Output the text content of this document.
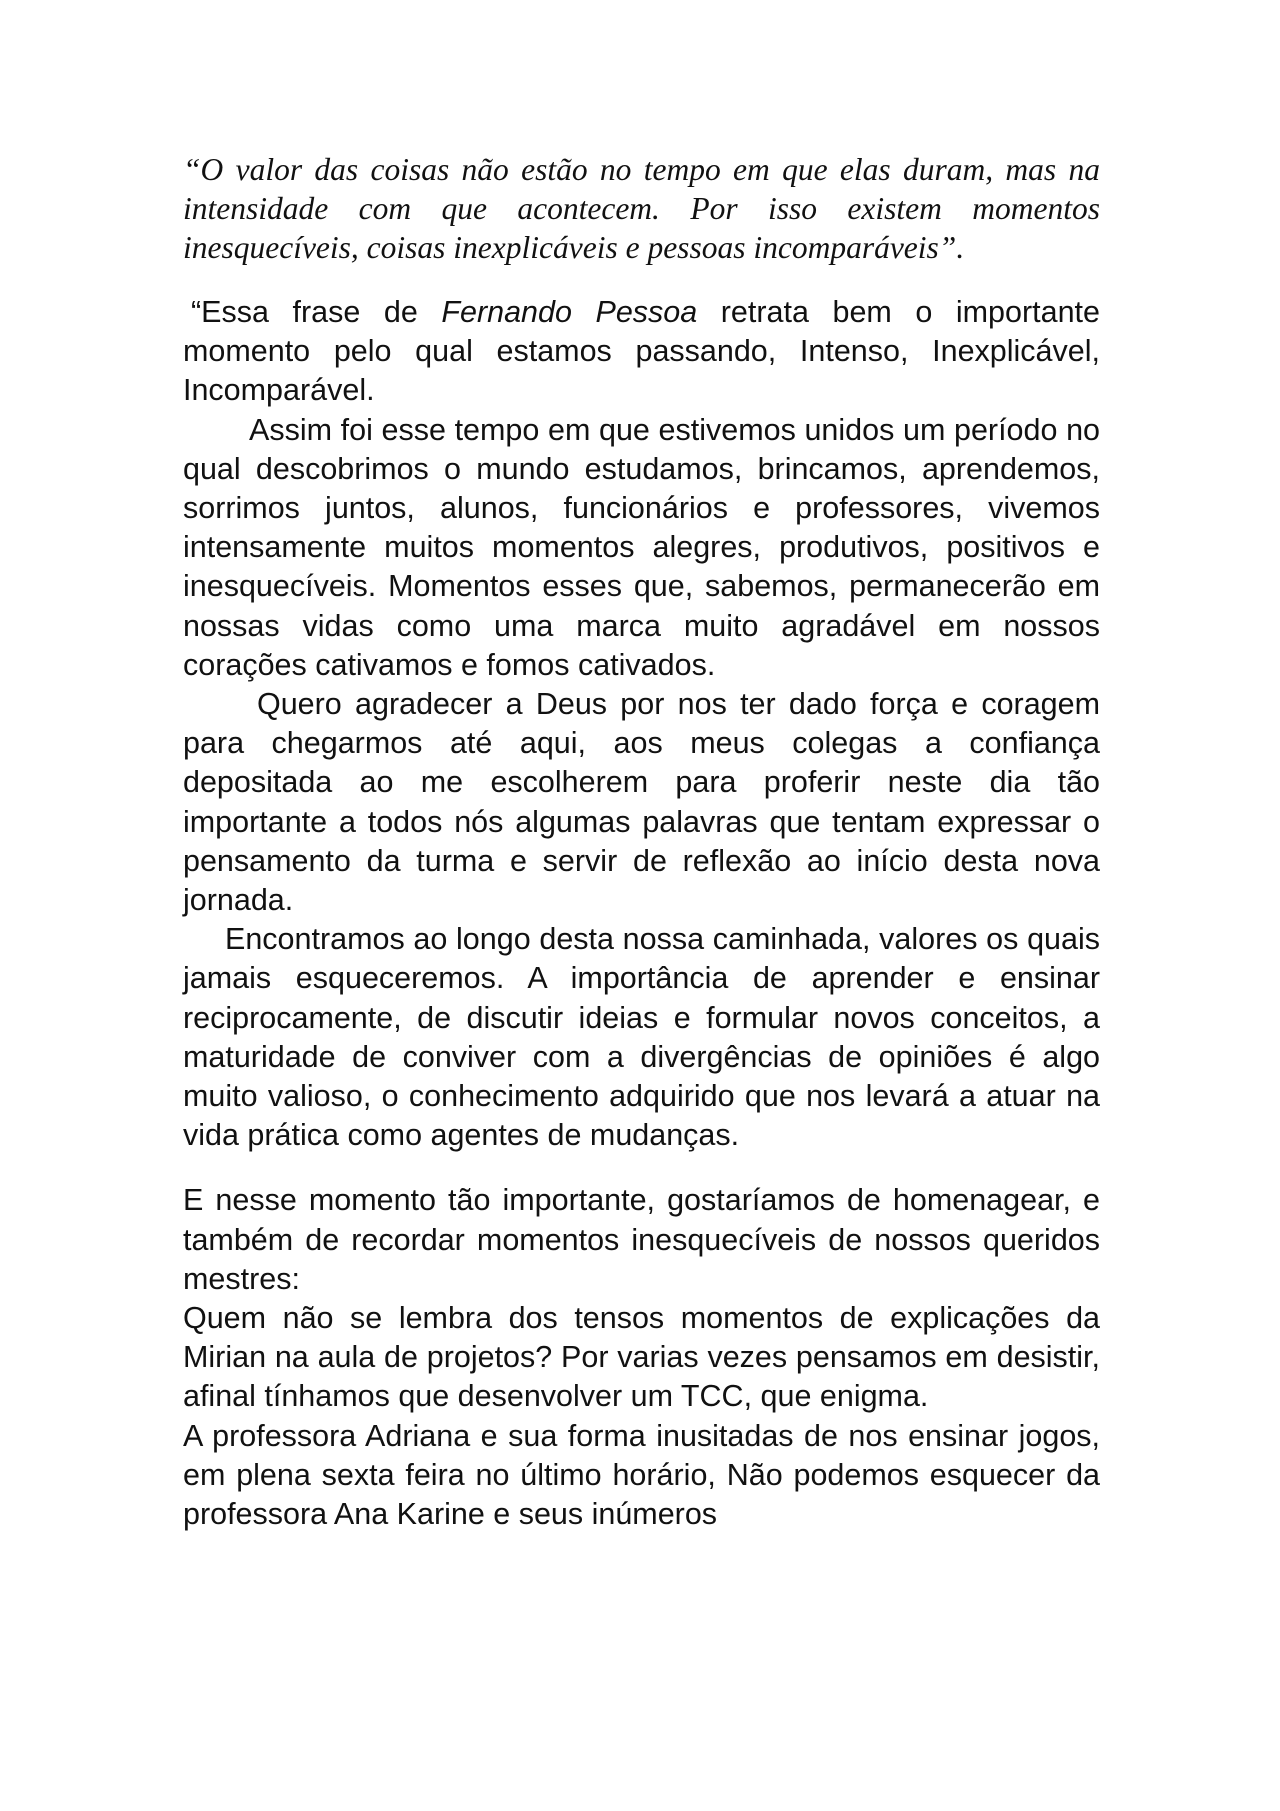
“O valor das coisas não estão no tempo em que elas duram, mas na intensidade com que acontecem. Por isso existem momentos inesquecíveis, coisas inexplicáveis e pessoas incomparáveis”.

“Essa frase de Fernando Pessoa retrata bem o importante momento pelo qual estamos passando, Intenso, Inexplicável, Incomparável.

Assim foi esse tempo em que estivemos unidos um período no qual descobrimos o mundo estudamos, brincamos, aprendemos, sorrimos juntos, alunos, funcionários e professores, vivemos intensamente muitos momentos alegres, produtivos, positivos e inesquecíveis. Momentos esses que, sabemos, permanecerão em nossas vidas como uma marca muito agradável em nossos corações cativamos e fomos cativados.

Quero agradecer a Deus por nos ter dado força e coragem para chegarmos até aqui, aos meus colegas a confiança depositada ao me escolherem para proferir neste dia tão importante a todos nós algumas palavras que tentam expressar o pensamento da turma e servir de reflexão ao início desta nova jornada.

Encontramos ao longo desta nossa caminhada, valores os quais jamais esqueceremos. A importância de aprender e ensinar reciprocamente, de discutir ideias e formular novos conceitos, a maturidade de conviver com a divergências de opiniões é algo muito valioso, o conhecimento adquirido que nos levará a atuar na vida prática como agentes de mudanças.

E nesse momento tão importante, gostaríamos de homenagear, e também de recordar momentos inesquecíveis de nossos queridos mestres:

Quem não se lembra dos tensos momentos de explicações da Mirian na aula de projetos? Por varias vezes pensamos em desistir, afinal tínhamos que desenvolver um TCC, que enigma.

A professora Adriana e sua forma inusitadas de nos ensinar jogos, em plena sexta feira no último horário, Não podemos esquecer da professora Ana Karine e seus inúmeros
